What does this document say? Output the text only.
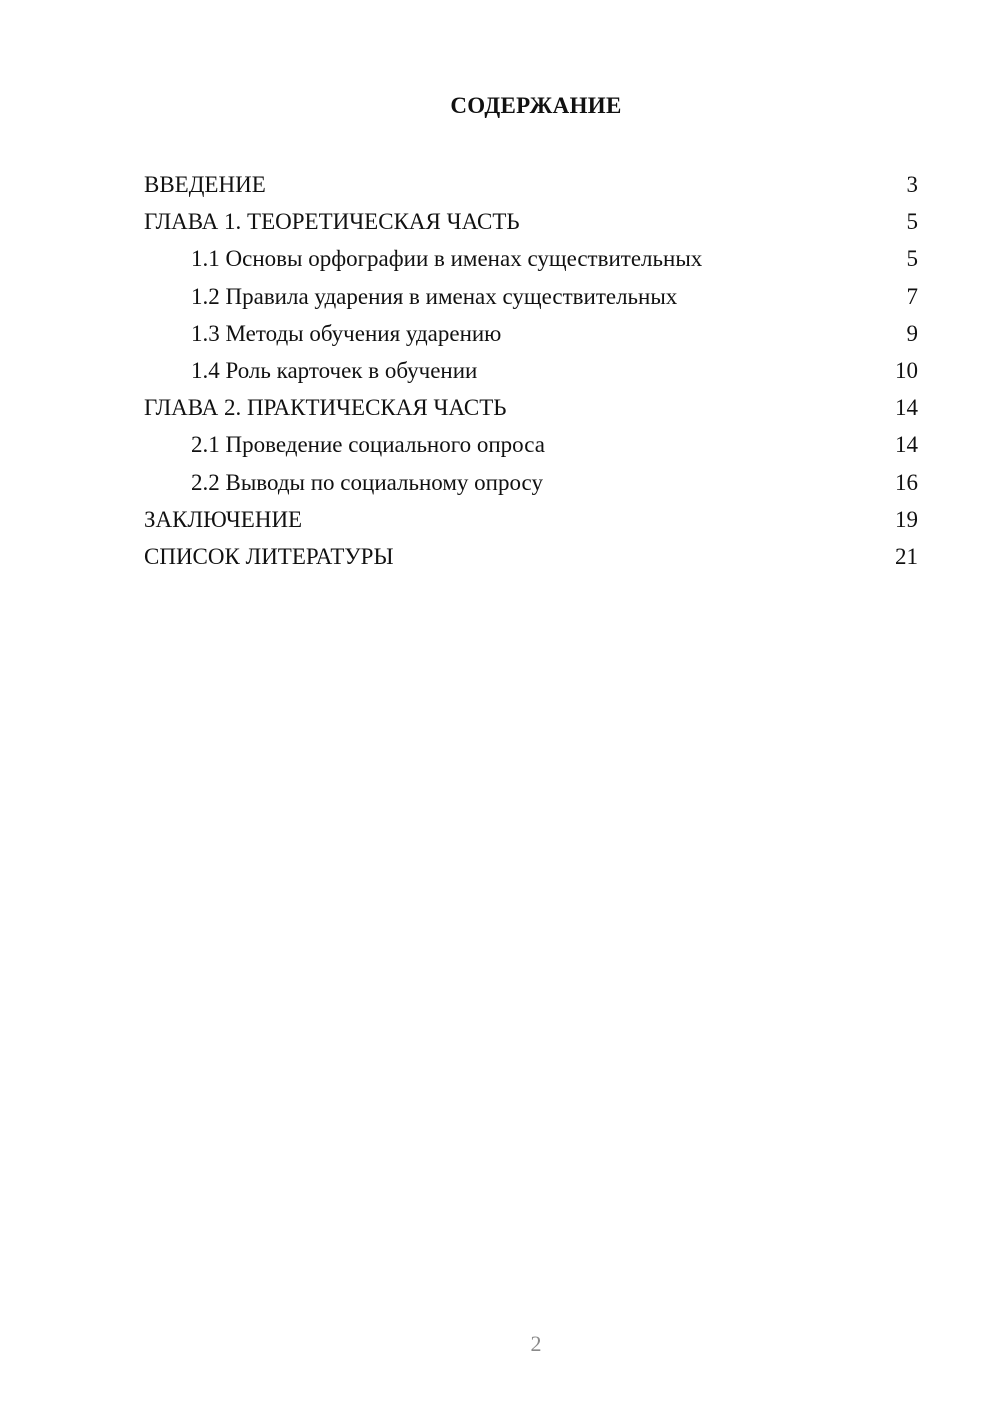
СОДЕРЖАНИЕ
ВВЕДЕНИЕ	3
ГЛАВА 1. ТЕОРЕТИЧЕСКАЯ ЧАСТЬ	5
1.1 Основы орфографии в именах существительных	5
1.2 Правила ударения в именах существительных	7
1.3 Методы обучения ударению	9
1.4 Роль карточек в обучении	10
ГЛАВА 2. ПРАКТИЧЕСКАЯ ЧАСТЬ	14
2.1 Проведение социального опроса	14
2.2 Выводы по социальному опросу	16
ЗАКЛЮЧЕНИЕ	19
СПИСОК ЛИТЕРАТУРЫ	21
2
